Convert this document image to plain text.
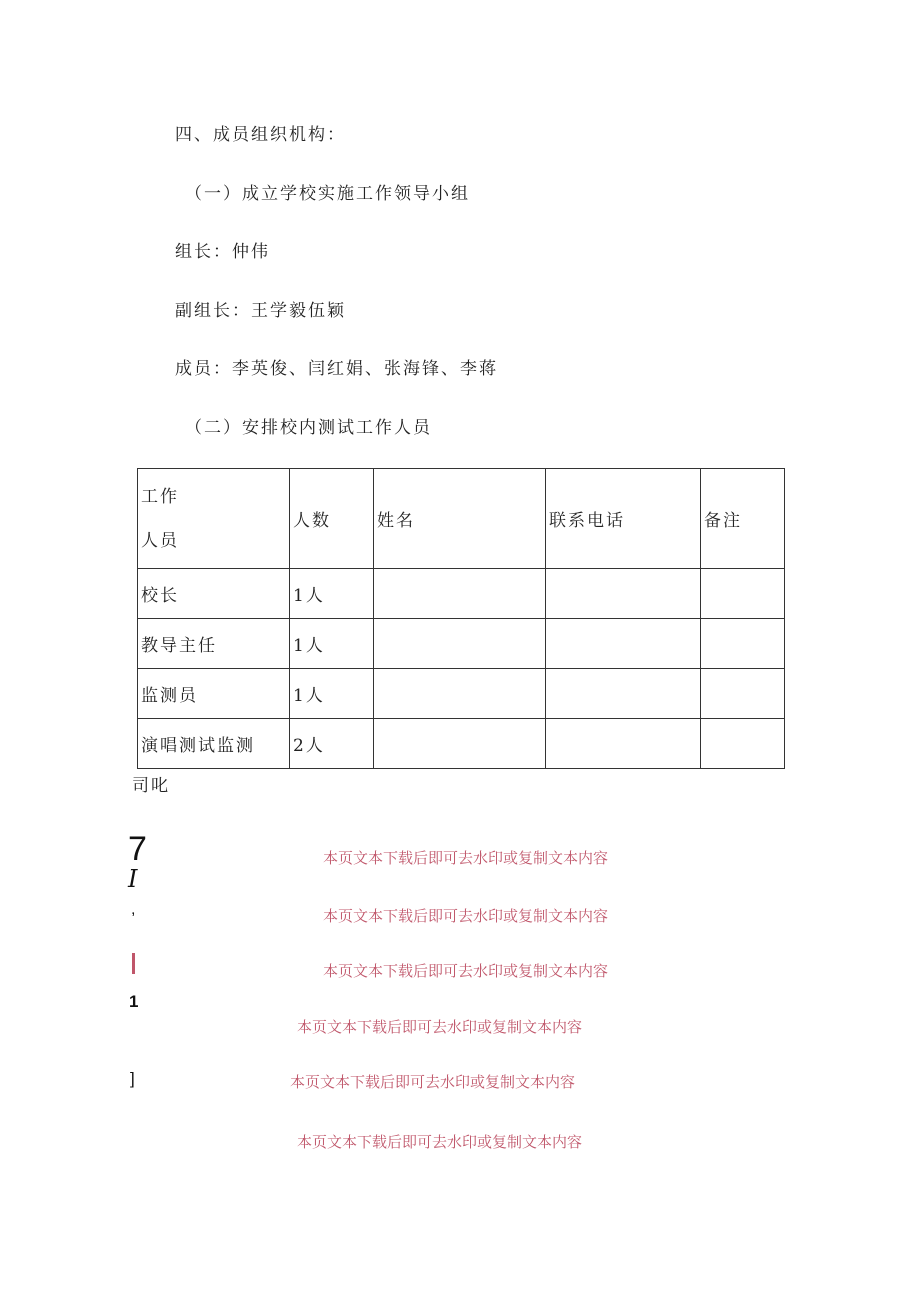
四、成员组织机构：
（一）成立学校实施工作领导小组
组长：仲伟
副组长：王学毅伍颖
成员：李英俊、闫红娟、张海锋、李蒋
（二）安排校内测试工作人员
工作
人员	人数	姓名	联系电话	备注
校长	1人			
教导主任	1人			
监测员	1人			
演唱测试监测	2人			
司叱
7
I
,
1
]
本页文本下载后即可去水印或复制文本内容
本页文本下载后即可去水印或复制文本内容
本页文本下载后即可去水印或复制文本内容
本页文本下载后即可去水印或复制文本内容
本页文本下载后即可去水印或复制文本内容
本页文本下载后即可去水印或复制文本内容
